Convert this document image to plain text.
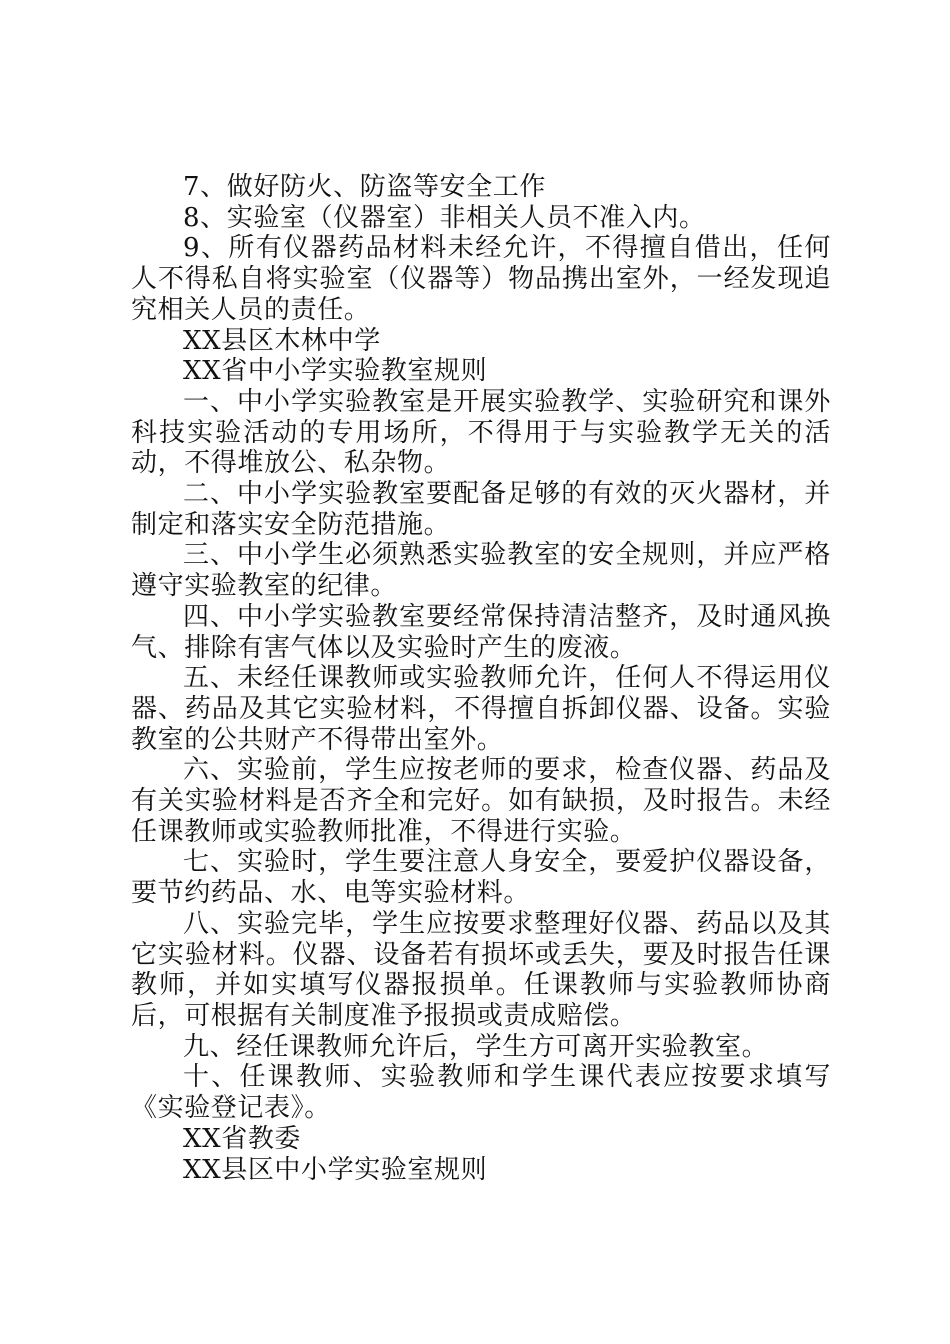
7、做好防火、防盗等安全工作

8、实验室（仪器室）非相关人员不准入内。

9、所有仪器药品材料未经允许，不得擅自借出，任何人不得私自将实验室（仪器等）物品携出室外，一经发现追究相关人员的责任。

XX县区木林中学

XX省中小学实验教室规则

一、中小学实验教室是开展实验教学、实验研究和课外科技实验活动的专用场所，不得用于与实验教学无关的活动，不得堆放公、私杂物。

二、中小学实验教室要配备足够的有效的灭火器材，并制定和落实安全防范措施。

三、中小学生必须熟悉实验教室的安全规则，并应严格遵守实验教室的纪律。

四、中小学实验教室要经常保持清洁整齐，及时通风换气、排除有害气体以及实验时产生的废液。

五、未经任课教师或实验教师允许，任何人不得运用仪器、药品及其它实验材料，不得擅自拆卸仪器、设备。实验教室的公共财产不得带出室外。

六、实验前，学生应按老师的要求，检查仪器、药品及有关实验材料是否齐全和完好。如有缺损，及时报告。未经任课教师或实验教师批准，不得进行实验。

七、实验时，学生要注意人身安全，要爱护仪器设备，要节约药品、水、电等实验材料。

八、实验完毕，学生应按要求整理好仪器、药品以及其它实验材料。仪器、设备若有损坏或丢失，要及时报告任课教师，并如实填写仪器报损单。任课教师与实验教师协商后，可根据有关制度准予报损或责成赔偿。

九、经任课教师允许后，学生方可离开实验教室。

十、任课教师、实验教师和学生课代表应按要求填写《实验登记表》。

XX省教委

XX县区中小学实验室规则
